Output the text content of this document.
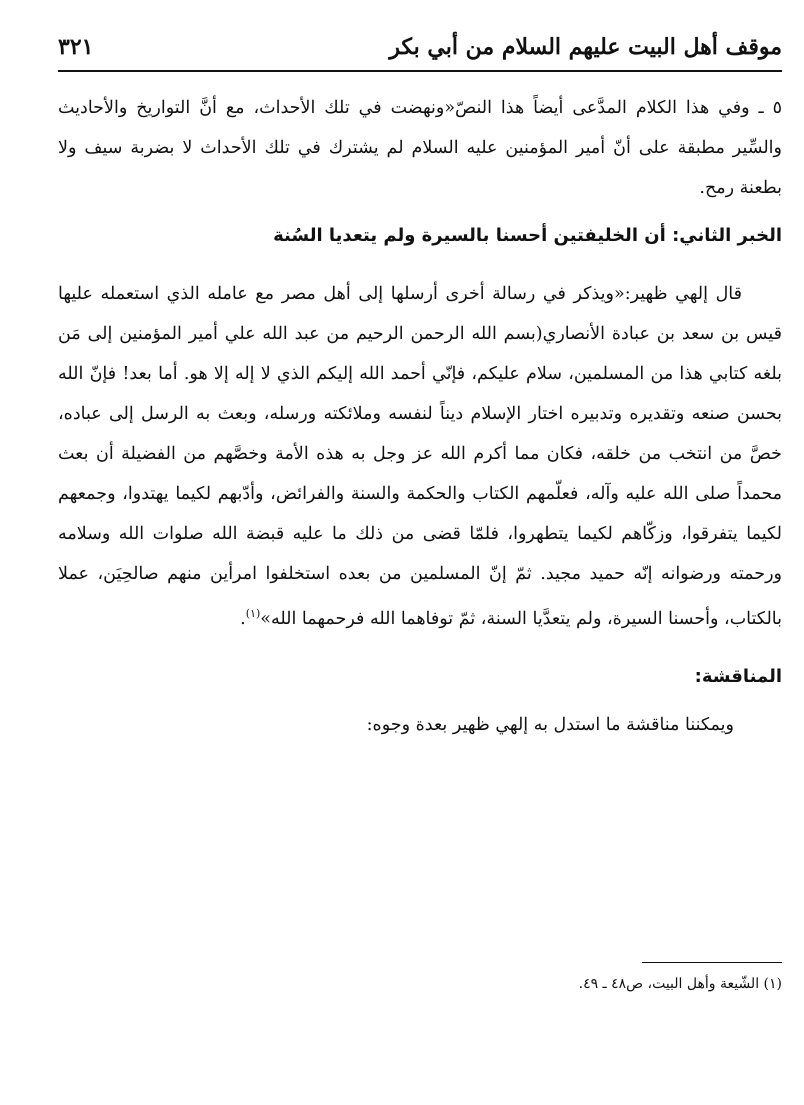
موقف أهل البيت عليهم السلام من أبي بكر
٣٢١

٥ ـ وفي هذا الكلام المدَّعى أيضاً هذا النصّ«ونهضت في تلك الأحداث، مع أنَّ التواريخ والأحاديث والسِّير مطبقة على أنّ أمير المؤمنين عليه السلام لم يشترك في تلك الأحداث لا بضربة سيف ولا بطعنة رمح.

الخبر الثاني: أن الخليفتين أحسنا بالسيرة ولم يتعديا السُنة

قال إلهي ظهير:«ويذكر في رسالة أخرى أرسلها إلى أهل مصر مع عامله الذي استعمله عليها قيس بن سعد بن عبادة الأنصاري(بسم الله الرحمن الرحيم من عبد الله علي أمير المؤمنين إلى مَن بلغه كتابي هذا من المسلمين، سلام عليكم، فإنّي أحمد الله إليكم الذي لا إله إلا هو. أما بعد! فإنّ الله بحسن صنعه وتقديره وتدبيره اختار الإسلام ديناً لنفسه وملائكته ورسله، وبعث به الرسل إلى عباده، خصَّ من انتخب من خلقه، فكان مما أكرم الله عز وجل به هذه الأمة وخصَّهم من الفضيلة أن بعث محمداً صلى الله عليه وآله، فعلّمهم الكتاب والحكمة والسنة والفرائض، وأدّبهم لكيما يهتدوا، وجمعهم لكيما يتفرقوا، وزكّاهم لكيما يتطهروا، فلمّا قضى من ذلك ما عليه قبضة الله صلوات الله وسلامه ورحمته ورضوانه إنّه حميد مجيد. ثمّ إنّ المسلمين من بعده استخلفوا امرأين منهم صالحِيَن، عملا بالكتاب، وأحسنا السيرة، ولم يتعدَّيا السنة، ثمّ توفاهما الله فرحمهما الله»$^{(١)}$.

المناقشة:

ويمكننا مناقشة ما استدل به إلهي ظهير بعدة وجوه:

(١) الشّيعة وأهل البيت، ص٤٨ ـ ٤٩.
